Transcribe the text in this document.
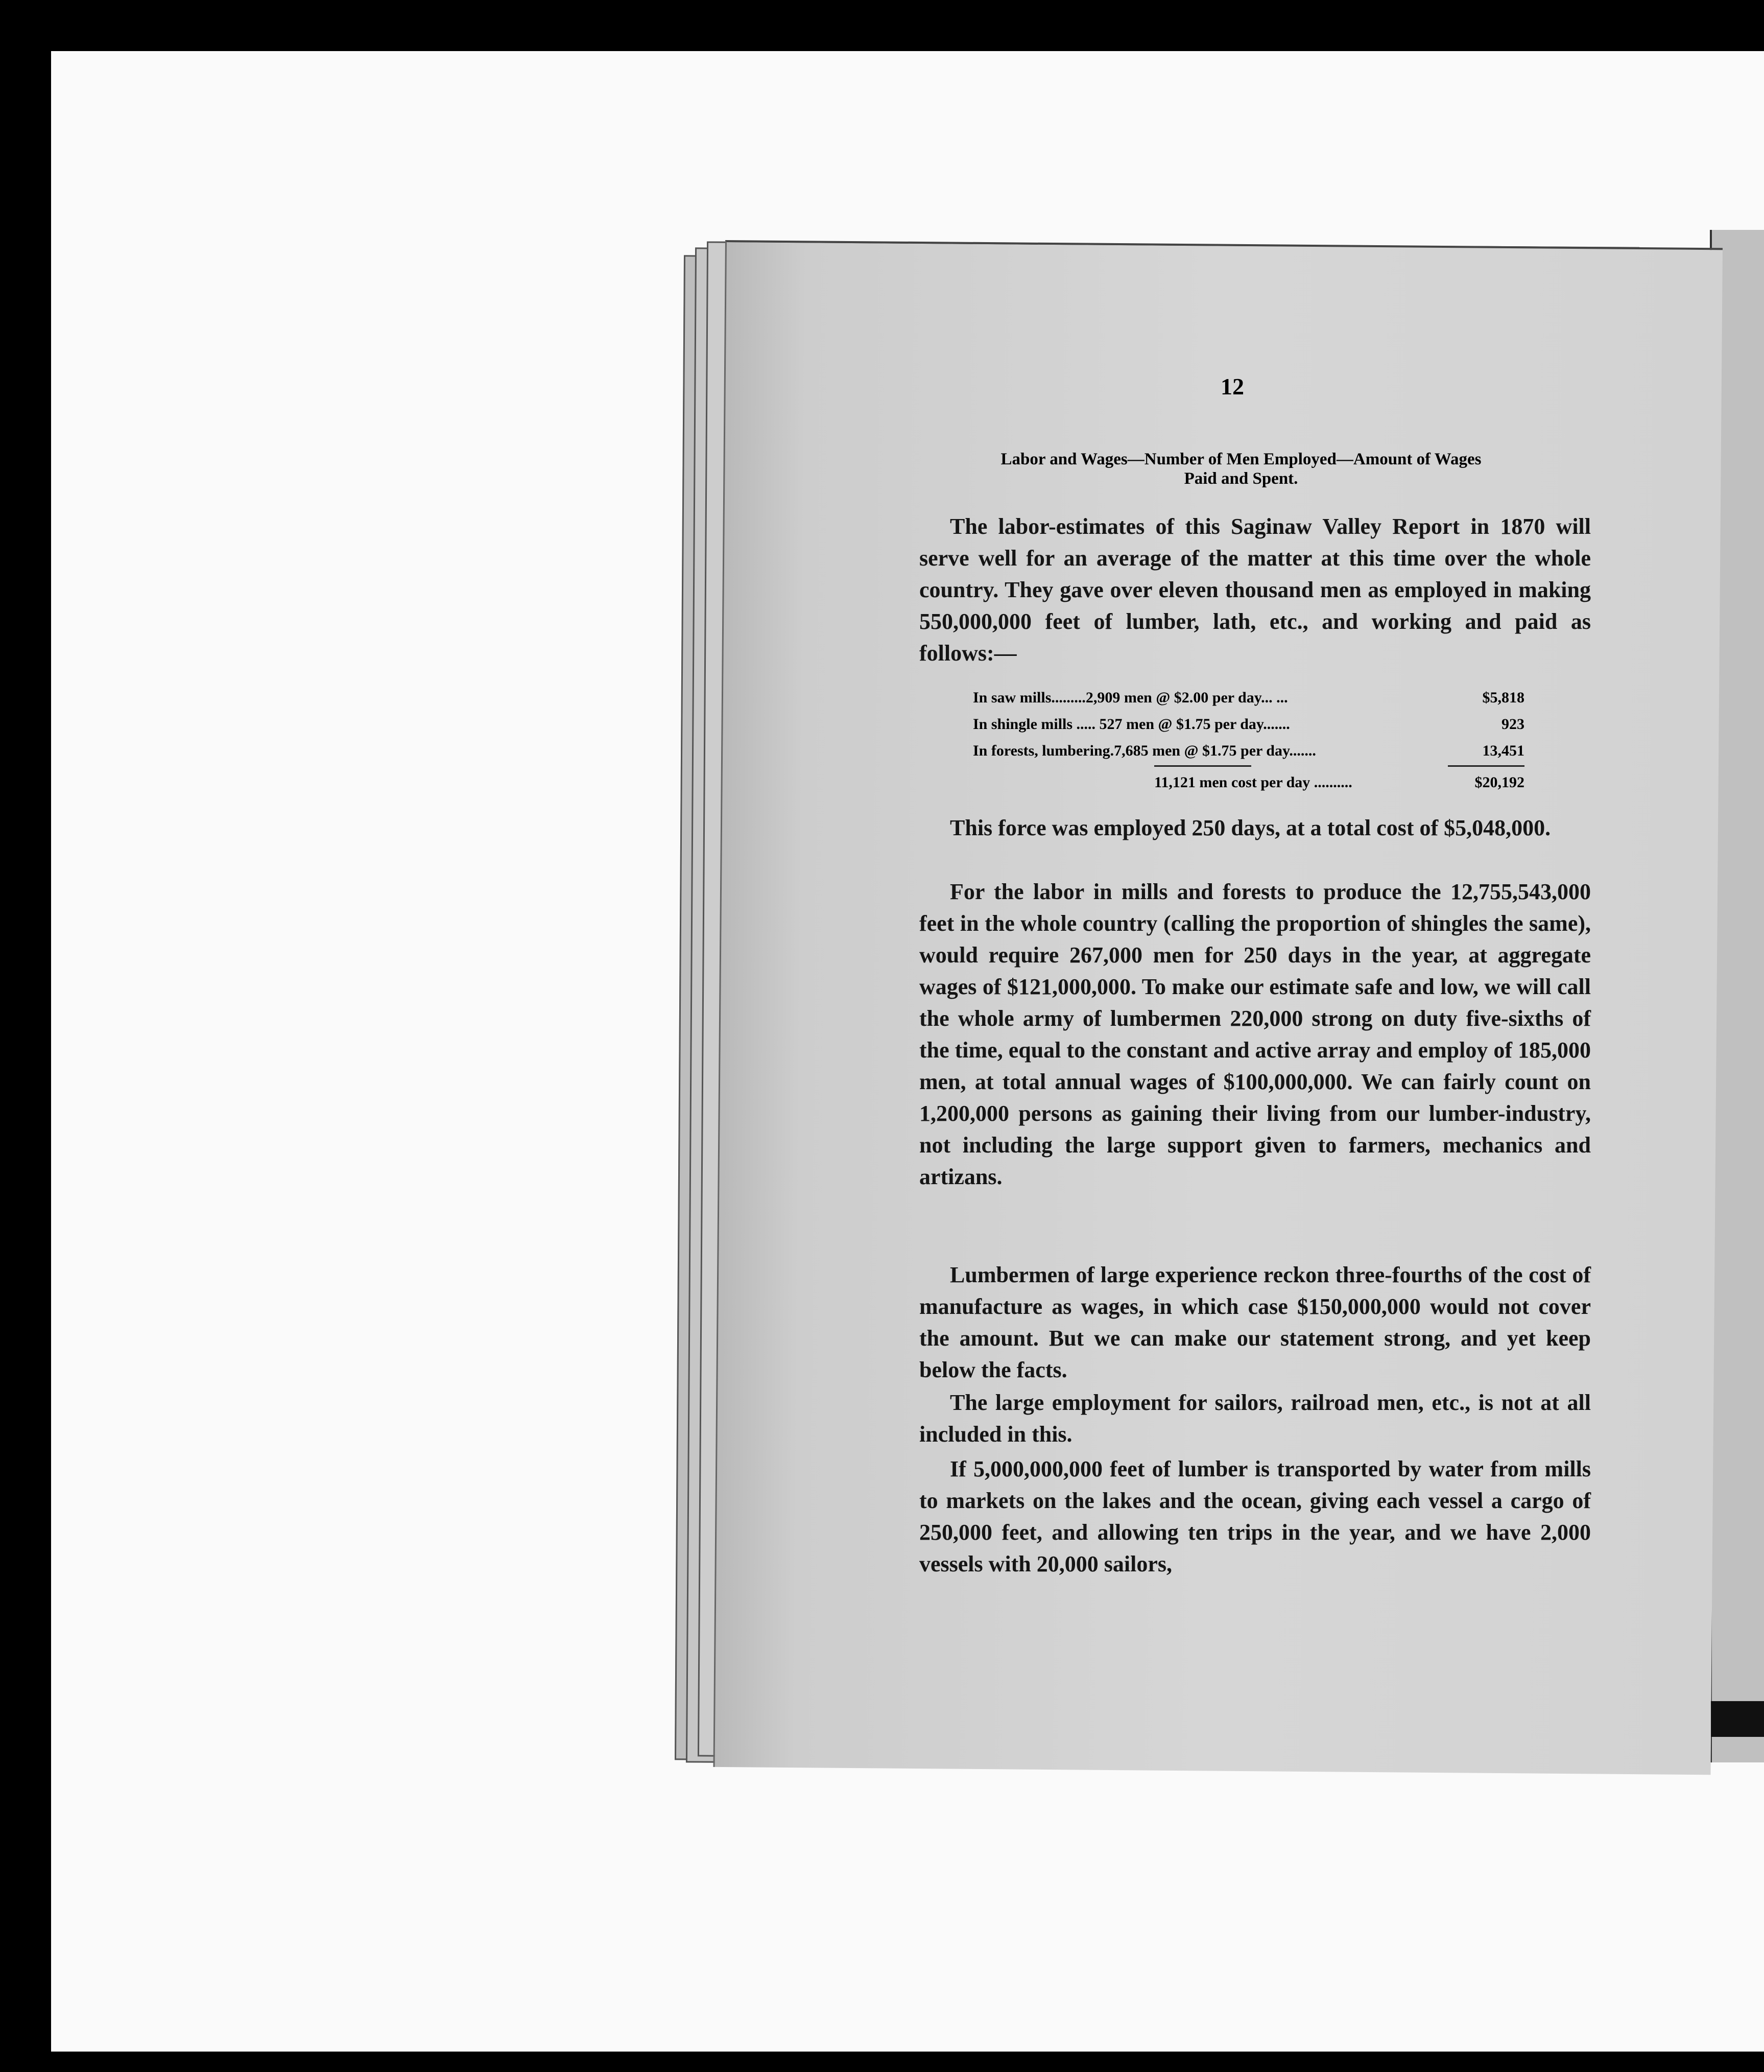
12
Labor and Wages—Number of Men Employed—Amount of Wages
Paid and Spent.
The labor-estimates of this Saginaw Valley Report in 1870 will serve well for an average of the matter at this time over the whole country. They gave over eleven thousand men as employed in making 550,000,000 feet of lumber, lath, etc., and working and paid as follows:—
In saw mills.........2,909 men @ $2.00 per day... ...	$5,818
In shingle mills ..... 527 men @ $1.75 per day.......	923
In forests, lumbering.7,685 men @ $1.75 per day.......	13,451
11,121 men cost per day ..........	$20,192
This force was employed 250 days, at a total cost of $5,048,000.
For the labor in mills and forests to produce the 12,755,543,000 feet in the whole country (calling the proportion of shingles the same), would require 267,000 men for 250 days in the year, at aggregate wages of $121,000,000. To make our estimate safe and low, we will call the whole army of lumbermen 220,000 strong on duty five-sixths of the time, equal to the constant and active array and employ of 185,000 men, at total annual wages of $100,000,000. We can fairly count on 1,200,000 persons as gaining their living from our lumber-industry, not including the large support given to farmers, mechanics and artizans.
Lumbermen of large experience reckon three-fourths of the cost of manufacture as wages, in which case $150,000,000 would not cover the amount. But we can make our statement strong, and yet keep below the facts.
The large employment for sailors, railroad men, etc., is not at all included in this.
If 5,000,000,000 feet of lumber is transported by water from mills to markets on the lakes and the ocean, giving each vessel a cargo of 250,000 feet, and allowing ten trips in the year, and we have 2,000 vessels with 20,000 sailors,
